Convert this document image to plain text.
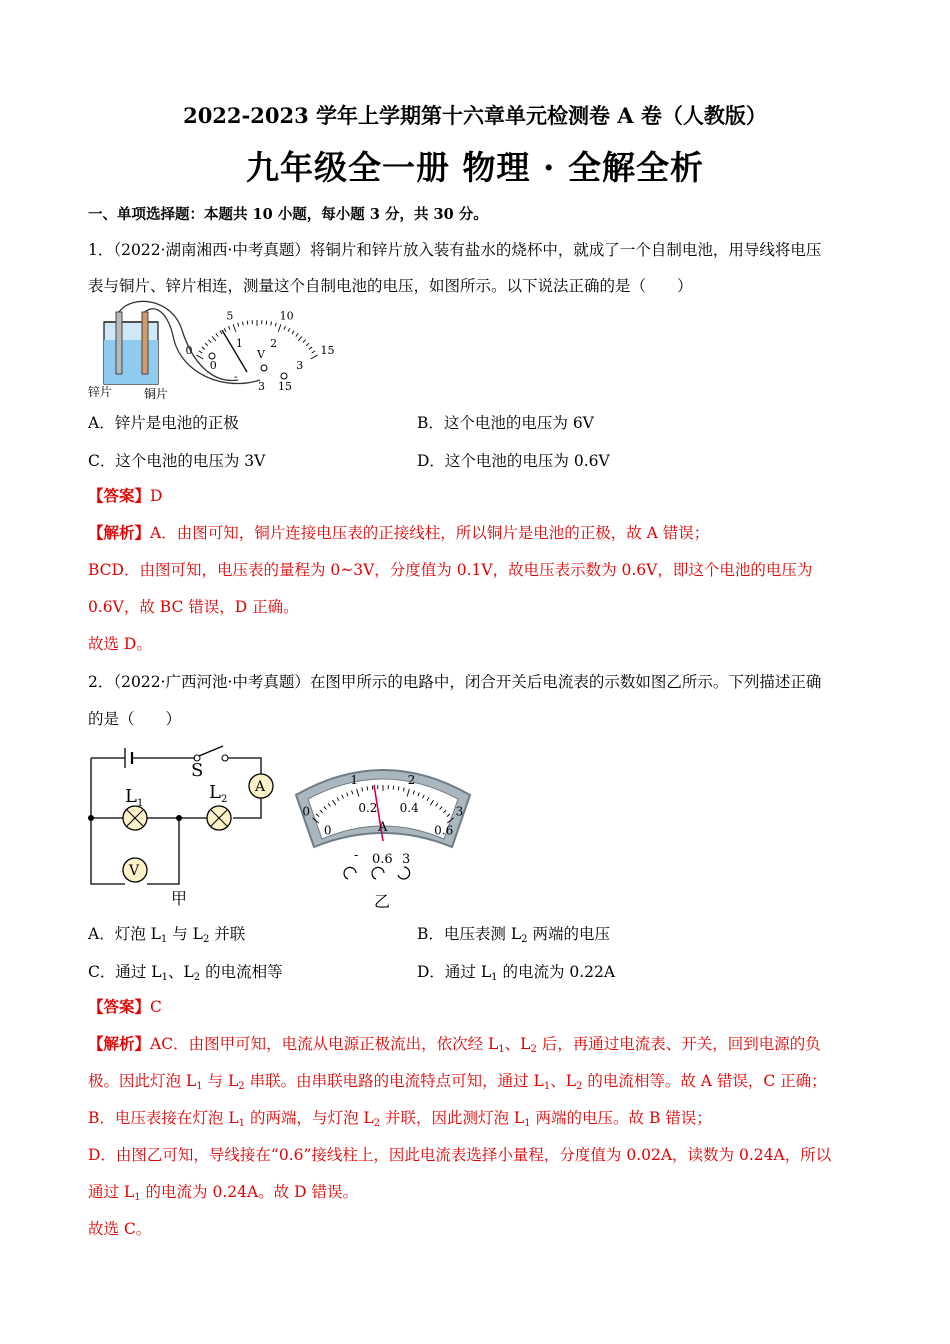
2022-2023 学年上学期第十六章单元检测卷 A 卷（人教版）
九年级全一册 物理 · 全解全析
一、单项选择题：本题共 10 小题，每小题 3 分，共 30 分。
1．（2022·湖南湘西·中考真题）将铜片和锌片放入装有盐水的烧杯中，就成了一个自制电池，用导线将电压
表与铜片、锌片相连，测量这个自制电池的电压，如图所示。以下说法正确的是（　　）
锌片	铜片
0
5	10
15
0
1 2
3
V
-
3 15
A．锌片是电池的正极	B．这个电池的电压为 6V
C．这个电池的电压为 3V	D．这个电池的电压为 0.6V
【答案】D
【解析】A．由图可知，铜片连接电压表的正接线柱，所以铜片是电池的正极，故 A 错误；
BCD．由图可知，电压表的量程为 0~3V，分度值为 0.1V，故电压表示数为 0.6V，即这个电池的电压为
0.6V，故 BC 错误，D 正确。
故选 D。
2．（2022·广西河池·中考真题）在图甲所示的电路中，闭合开关后电流表的示数如图乙所示。下列描述正确
的是（　　）
A
V
S
L 1
L 2
甲
0
1	2
3
0
0.2 0.4
0.6
A
- 0.6 3
乙
A．灯泡 $L_1$ 与 $L_2$ 并联	B．电压表测 $L_2$ 两端的电压
C．通过 $L_1$、$L_2$ 的电流相等	D．通过 $L_1$ 的电流为 0.22A
【答案】C
【解析】AC．由图甲可知，电流从电源正极流出，依次经 $L_1$、$L_2$ 后，再通过电流表、开关，回到电源的负
极。因此灯泡 $L_1$ 与 $L_2$ 串联。由串联电路的电流特点可知，通过 $L_1$、$L_2$ 的电流相等。故 A 错误，C 正确；
B．电压表接在灯泡 $L_1$ 的两端，与灯泡 $L_2$ 并联，因此测灯泡 $L_1$ 两端的电压。故 B 错误；
D．由图乙可知，导线接在“0.6”接线柱上，因此电流表选择小量程，分度值为 0.02A，读数为 0.24A，所以
通过 $L_1$ 的电流为 0.24A。故 D 错误。
故选 C。
